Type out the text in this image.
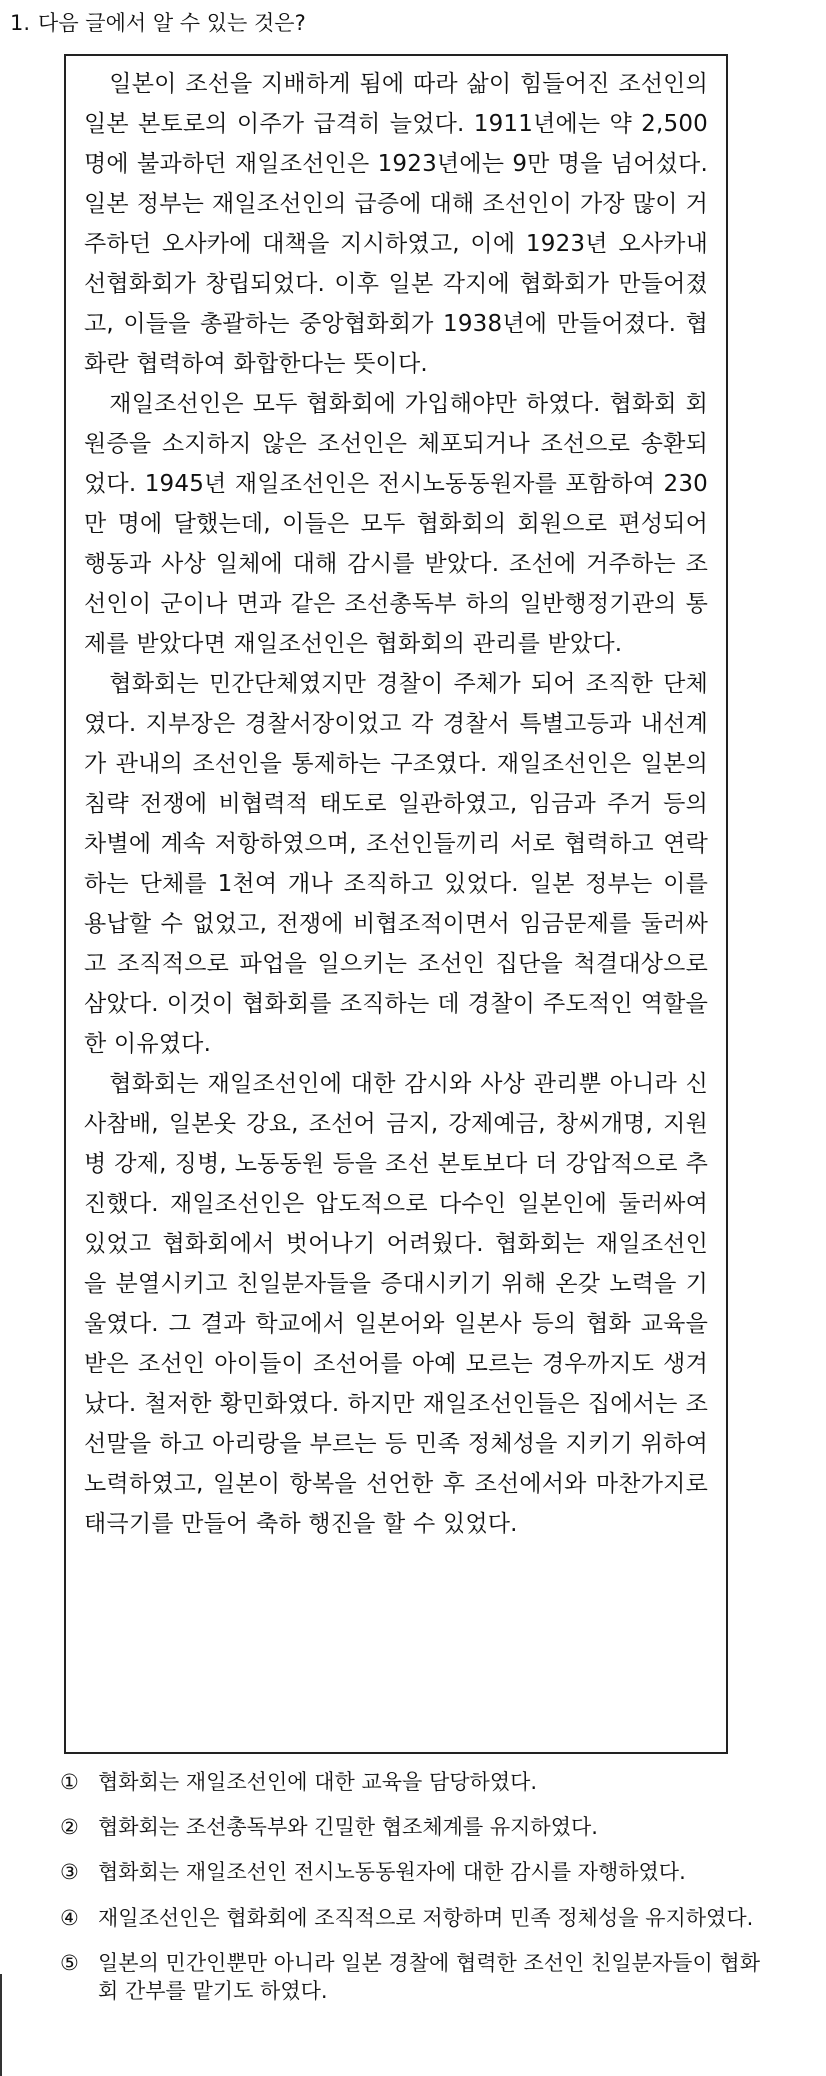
1. 다음 글에서 알 수 있는 것은?

일본이 조선을 지배하게 됨에 따라 삶이 힘들어진 조선인의 일본 본토로의 이주가 급격히 늘었다. 1911년에는 약 2,500명에 불과하던 재일조선인은 1923년에는 9만 명을 넘어섰다. 일본 정부는 재일조선인의 급증에 대해 조선인이 가장 많이 거주하던 오사카에 대책을 지시하였고, 이에 1923년 오사카내선협화회가 창립되었다. 이후 일본 각지에 협화회가 만들어졌고, 이들을 총괄하는 중앙협화회가 1938년에 만들어졌다. 협화란 협력하여 화합한다는 뜻이다.

재일조선인은 모두 협화회에 가입해야만 하였다. 협화회 회원증을 소지하지 않은 조선인은 체포되거나 조선으로 송환되었다. 1945년 재일조선인은 전시노동동원자를 포함하여 230만 명에 달했는데, 이들은 모두 협화회의 회원으로 편성되어 행동과 사상 일체에 대해 감시를 받았다. 조선에 거주하는 조선인이 군이나 면과 같은 조선총독부 하의 일반행정기관의 통제를 받았다면 재일조선인은 협화회의 관리를 받았다.

협화회는 민간단체였지만 경찰이 주체가 되어 조직한 단체였다. 지부장은 경찰서장이었고 각 경찰서 특별고등과 내선계가 관내의 조선인을 통제하는 구조였다. 재일조선인은 일본의 침략 전쟁에 비협력적 태도로 일관하였고, 임금과 주거 등의 차별에 계속 저항하였으며, 조선인들끼리 서로 협력하고 연락하는 단체를 1천여 개나 조직하고 있었다. 일본 정부는 이를 용납할 수 없었고, 전쟁에 비협조적이면서 임금문제를 둘러싸고 조직적으로 파업을 일으키는 조선인 집단을 척결대상으로 삼았다. 이것이 협화회를 조직하는 데 경찰이 주도적인 역할을 한 이유였다.

협화회는 재일조선인에 대한 감시와 사상 관리뿐 아니라 신사참배, 일본옷 강요, 조선어 금지, 강제예금, 창씨개명, 지원병 강제, 징병, 노동동원 등을 조선 본토보다 더 강압적으로 추진했다. 재일조선인은 압도적으로 다수인 일본인에 둘러싸여 있었고 협화회에서 벗어나기 어려웠다. 협화회는 재일조선인을 분열시키고 친일분자들을 증대시키기 위해 온갖 노력을 기울였다. 그 결과 학교에서 일본어와 일본사 등의 협화 교육을 받은 조선인 아이들이 조선어를 아예 모르는 경우까지도 생겨났다. 철저한 황민화였다. 하지만 재일조선인들은 집에서는 조선말을 하고 아리랑을 부르는 등 민족 정체성을 지키기 위하여 노력하였고, 일본이 항복을 선언한 후 조선에서와 마찬가지로 태극기를 만들어 축하 행진을 할 수 있었다.

① 협화회는 재일조선인에 대한 교육을 담당하였다.
② 협화회는 조선총독부와 긴밀한 협조체계를 유지하였다.
③ 협화회는 재일조선인 전시노동동원자에 대한 감시를 자행하였다.
④ 재일조선인은 협화회에 조직적으로 저항하며 민족 정체성을 유지하였다.
⑤ 일본의 민간인뿐만 아니라 일본 경찰에 협력한 조선인 친일분자들이 협화회 간부를 맡기도 하였다.
